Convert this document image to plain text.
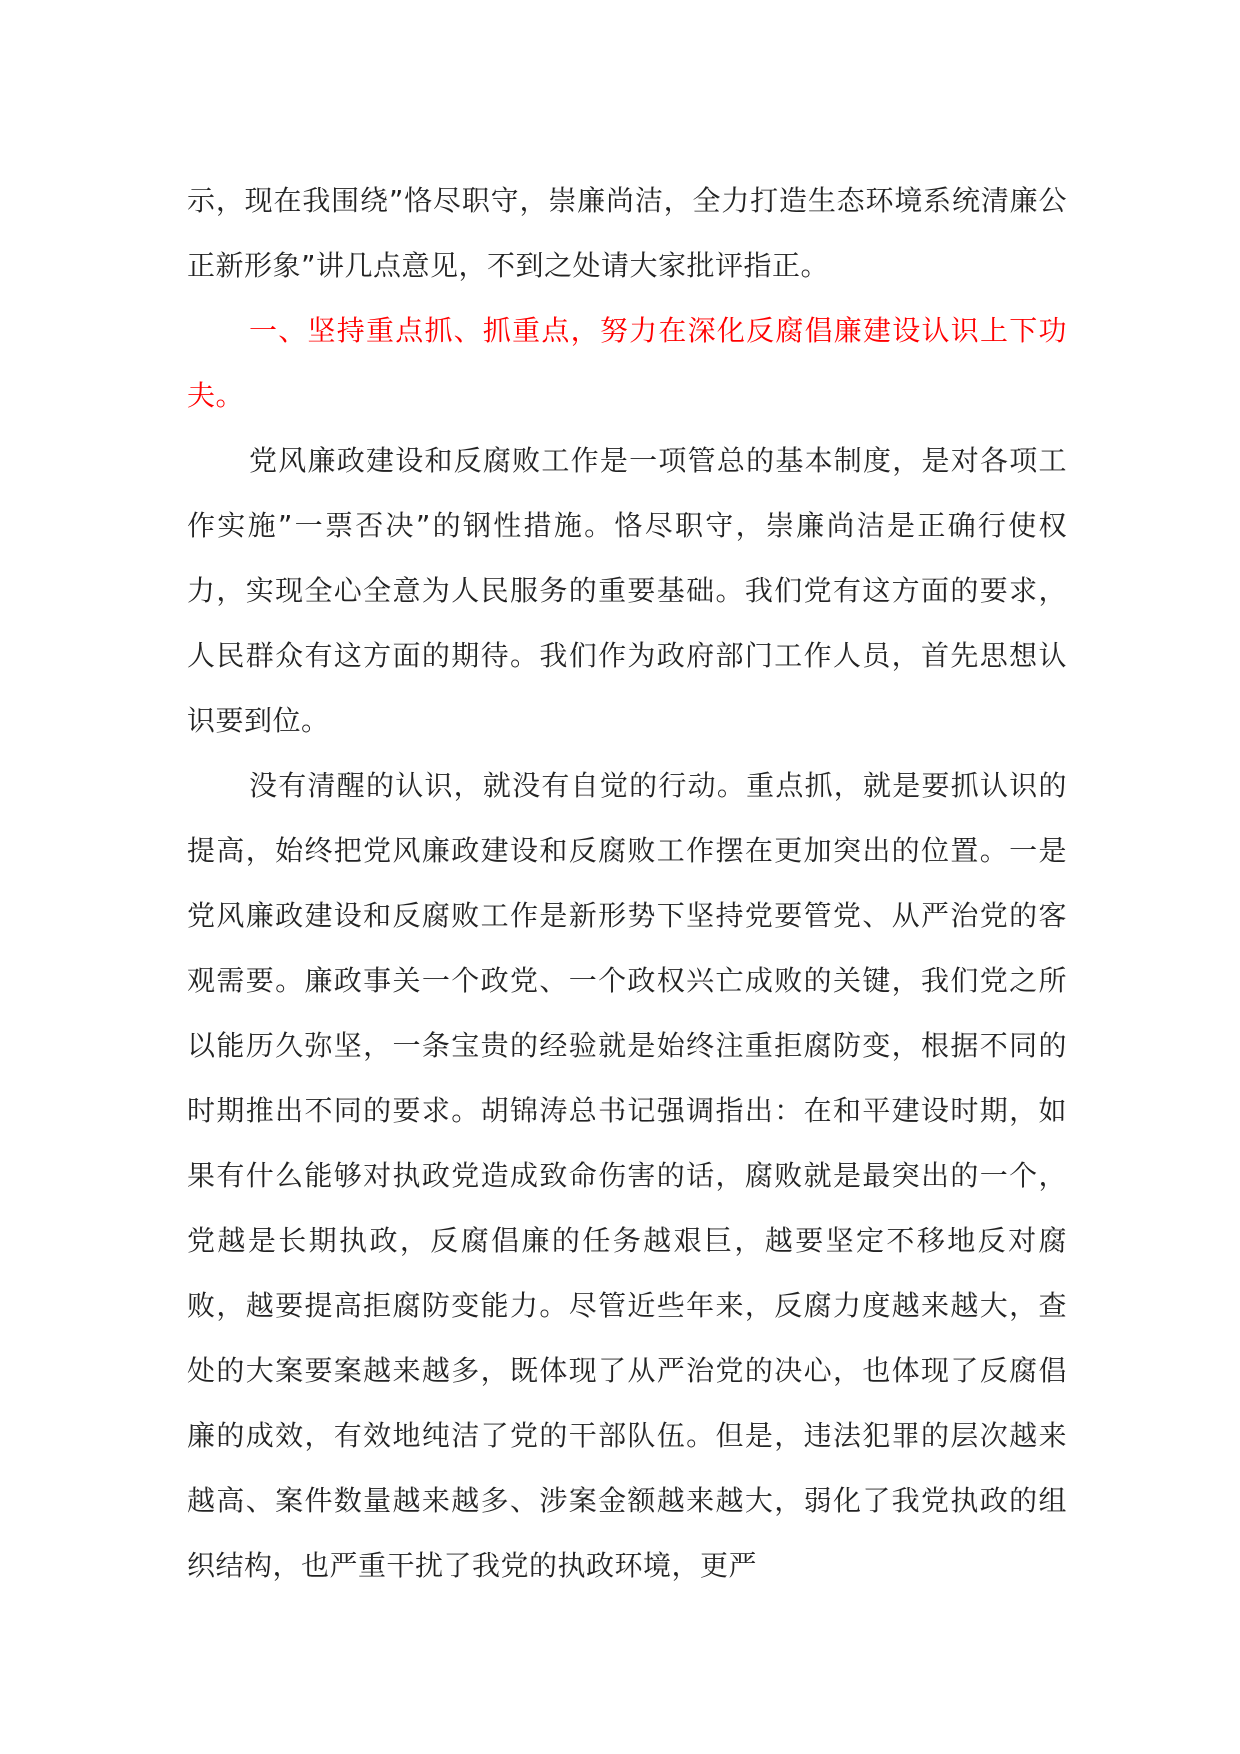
示，现在我围绕”恪尽职守，崇廉尚洁，全力打造生态环境系统清廉公正新形象”讲几点意见，不到之处请大家批评指正。

一、坚持重点抓、抓重点，努力在深化反腐倡廉建设认识上下功夫。

党风廉政建设和反腐败工作是一项管总的基本制度，是对各项工作实施”一票否决”的钢性措施。恪尽职守，崇廉尚洁是正确行使权力，实现全心全意为人民服务的重要基础。我们党有这方面的要求，人民群众有这方面的期待。我们作为政府部门工作人员，首先思想认识要到位。

没有清醒的认识，就没有自觉的行动。重点抓，就是要抓认识的提高，始终把党风廉政建设和反腐败工作摆在更加突出的位置。一是党风廉政建设和反腐败工作是新形势下坚持党要管党、从严治党的客观需要。廉政事关一个政党、一个政权兴亡成败的关键，我们党之所以能历久弥坚，一条宝贵的经验就是始终注重拒腐防变，根据不同的时期推出不同的要求。胡锦涛总书记强调指出：在和平建设时期，如果有什么能够对执政党造成致命伤害的话，腐败就是最突出的一个，党越是长期执政，反腐倡廉的任务越艰巨，越要坚定不移地反对腐败，越要提高拒腐防变能力。尽管近些年来，反腐力度越来越大，查处的大案要案越来越多，既体现了从严治党的决心，也体现了反腐倡廉的成效，有效地纯洁了党的干部队伍。但是，违法犯罪的层次越来越高、案件数量越来越多、涉案金额越来越大，弱化了我党执政的组织结构，也严重干扰了我党的执政环境，更严
